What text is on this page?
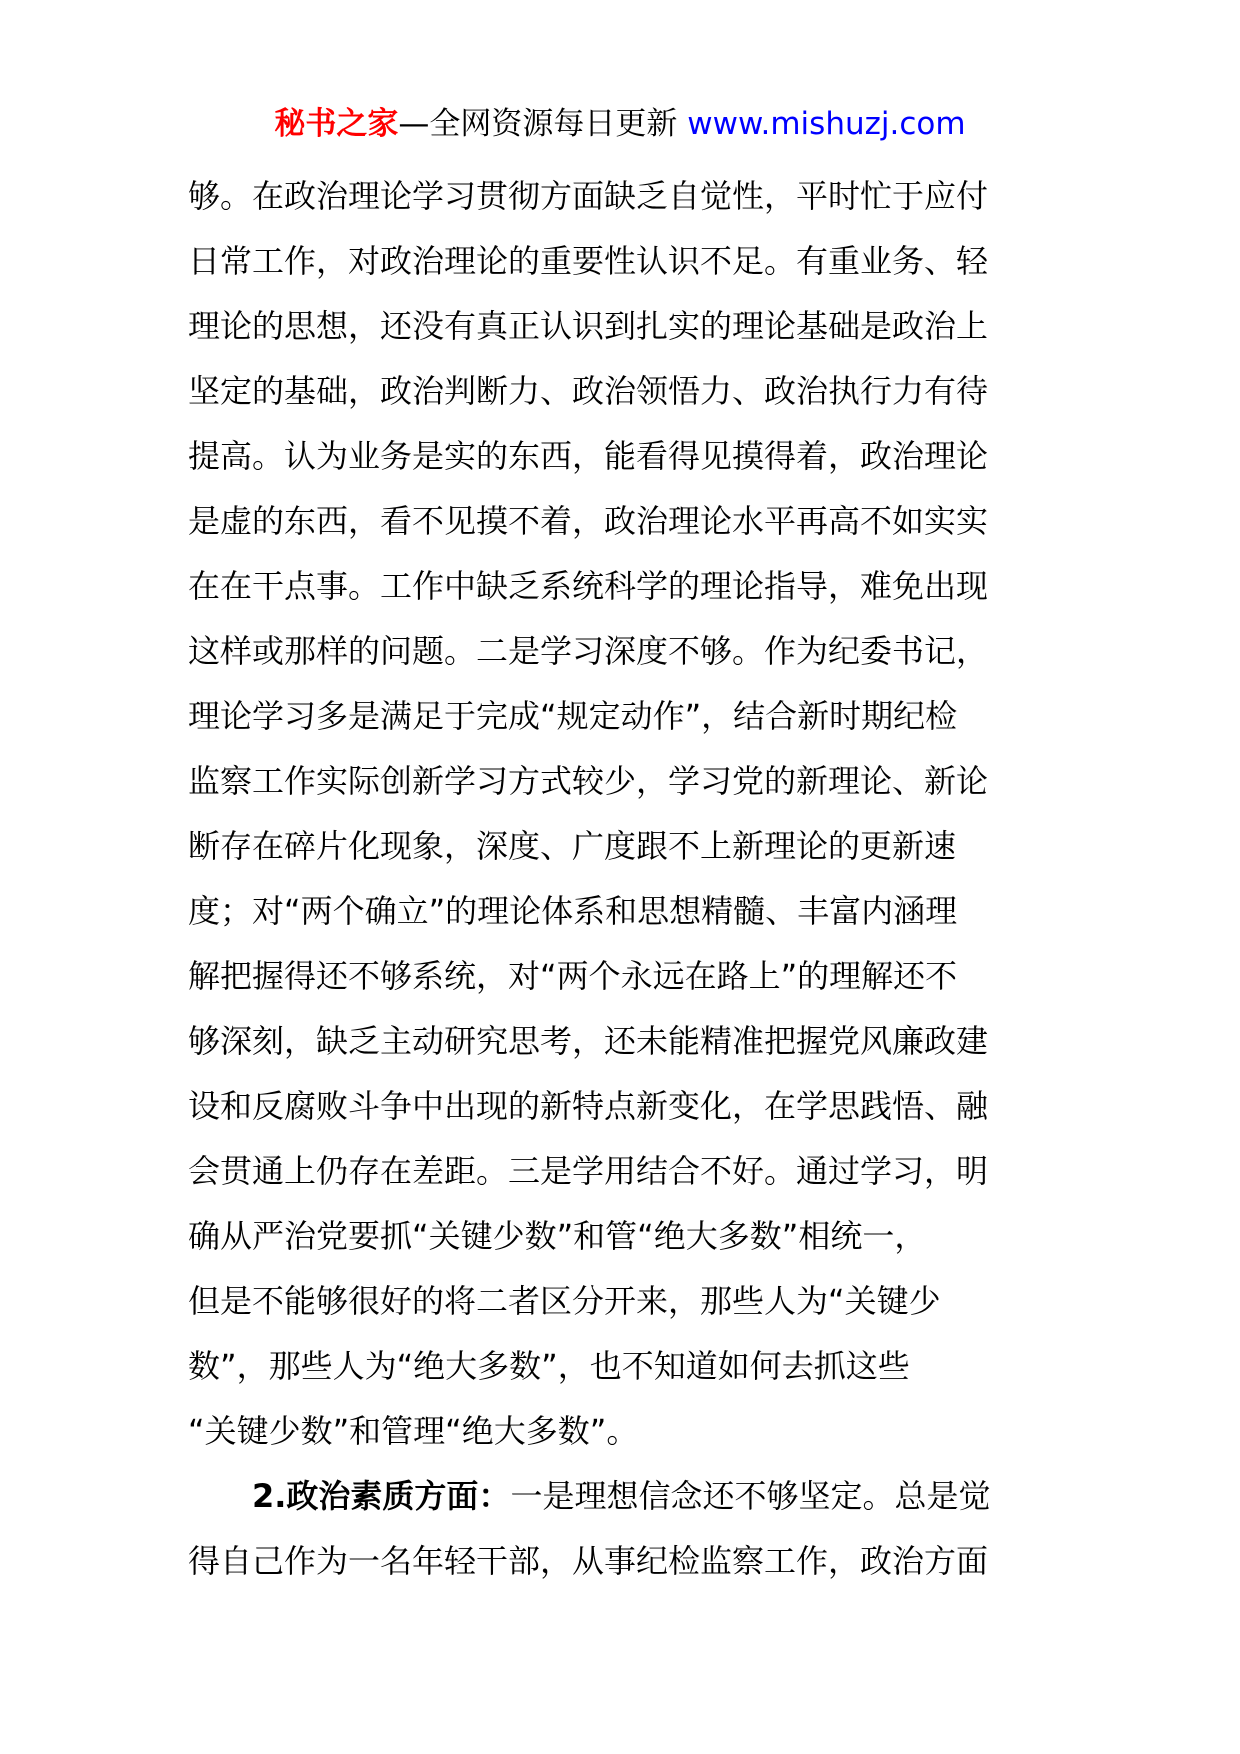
秘书之家—全网资源每日更新 www.mishuzj.com
够。在政治理论学习贯彻方面缺乏自觉性，平时忙于应付
日常工作，对政治理论的重要性认识不足。有重业务、轻
理论的思想，还没有真正认识到扎实的理论基础是政治上
坚定的基础，政治判断力、政治领悟力、政治执行力有待
提高。认为业务是实的东西，能看得见摸得着，政治理论
是虚的东西，看不见摸不着，政治理论水平再高不如实实
在在干点事。工作中缺乏系统科学的理论指导，难免出现
这样或那样的问题。二是学习深度不够。作为纪委书记，
理论学习多是满足于完成“规定动作”，结合新时期纪检
监察工作实际创新学习方式较少，学习党的新理论、新论
断存在碎片化现象，深度、广度跟不上新理论的更新速
度；对“两个确立”的理论体系和思想精髓、丰富内涵理
解把握得还不够系统，对“两个永远在路上”的理解还不
够深刻，缺乏主动研究思考，还未能精准把握党风廉政建
设和反腐败斗争中出现的新特点新变化，在学思践悟、融
会贯通上仍存在差距。三是学用结合不好。通过学习，明
确从严治党要抓“关键少数”和管“绝大多数”相统一，
但是不能够很好的将二者区分开来，那些人为“关键少
数”，那些人为“绝大多数”，也不知道如何去抓这些
“关键少数”和管理“绝大多数”。
2.政治素质方面：一是理想信念还不够坚定。总是觉
得自己作为一名年轻干部，从事纪检监察工作，政治方面
